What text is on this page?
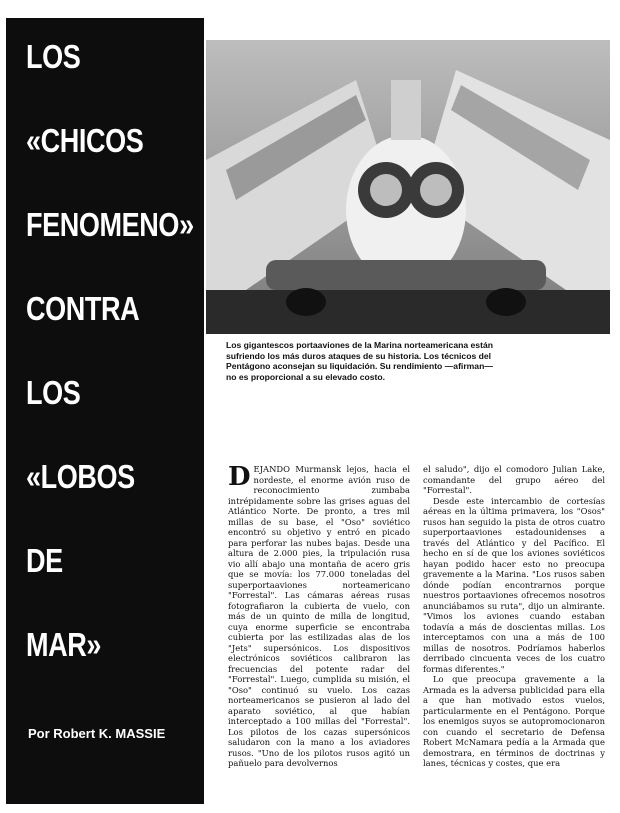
LOS
«CHICOS
FENOMENO»
CONTRA
LOS
«LOBOS
DE
MAR»
Por Robert K. MASSIE

Los gigantescos portaaviones de la Marina norteamericana están sufriendo los más duros ataques de su historia. Los técnicos del Pentágono aconsejan su liquidación. Su rendimiento —afirman— no es proporcional a su elevado costo.

DEJANDO Murmansk lejos, hacia el nordeste, el enorme avión ruso de reconocimiento zumbaba intrépidamente sobre las grises aguas del Atlántico Norte. De pronto, a tres mil millas de su base, el "Oso" soviético encontró su objetivo y entró en picado para perforar las nubes bajas. Desde una altura de 2.000 pies, la tripulación rusa vio allí abajo una montaña de acero gris que se movía: los 77.000 toneladas del superportaaviones norteamericano "Forrestal". Las cámaras aéreas rusas fotografiaron la cubierta de vuelo, con más de un quinto de milla de longitud, cuya enorme superficie se encontraba cubierta por las estilizadas alas de los "Jets" supersónicos. Los dispositivos electrónicos soviéticos calibraron las frecuencias del potente radar del "Forrestal". Luego, cumplida su misión, el "Oso" continuó su vuelo. Los cazas norteamericanos se pusieron al lado del aparato soviético, al que habían interceptado a 100 millas del "Forrestal". Los pilotos de los cazas supersónicos saludaron con la mano a los aviadores rusos. "Uno de los pilotos rusos agitó un pañuelo para devolvernos

el saludo", dijo el comodoro Julian Lake, comandante del grupo aéreo del "Forrestal".

Desde este intercambio de cortesías aéreas en la última primavera, los "Osos" rusos han seguido la pista de otros cuatro superportaaviones estadounidenses a través del Atlántico y del Pacífico. El hecho en sí de que los aviones soviéticos hayan podido hacer esto no preocupa gravemente a la Marina. "Los rusos saben dónde podían encontrarnos porque nuestros portaaviones ofrecemos nosotros anunciábamos su ruta", dijo un almirante. "Vimos los aviones cuando estaban todavía a más de doscientas millas. Los interceptamos con una a más de 100 millas de nosotros. Podríamos haberlos derribado cincuenta veces de los cuatro formas diferentes."

Lo que preocupa gravemente a la Armada es la adversa publicidad para ella a que han motivado estos vuelos, particularmente en el Pentágono. Porque los enemigos suyos se autopromocionaron con cuando el secretario de Defensa Robert McNamara pedía a la Armada que demostrara, en términos de doctrinas y lanes, técnicas y costes, que era
